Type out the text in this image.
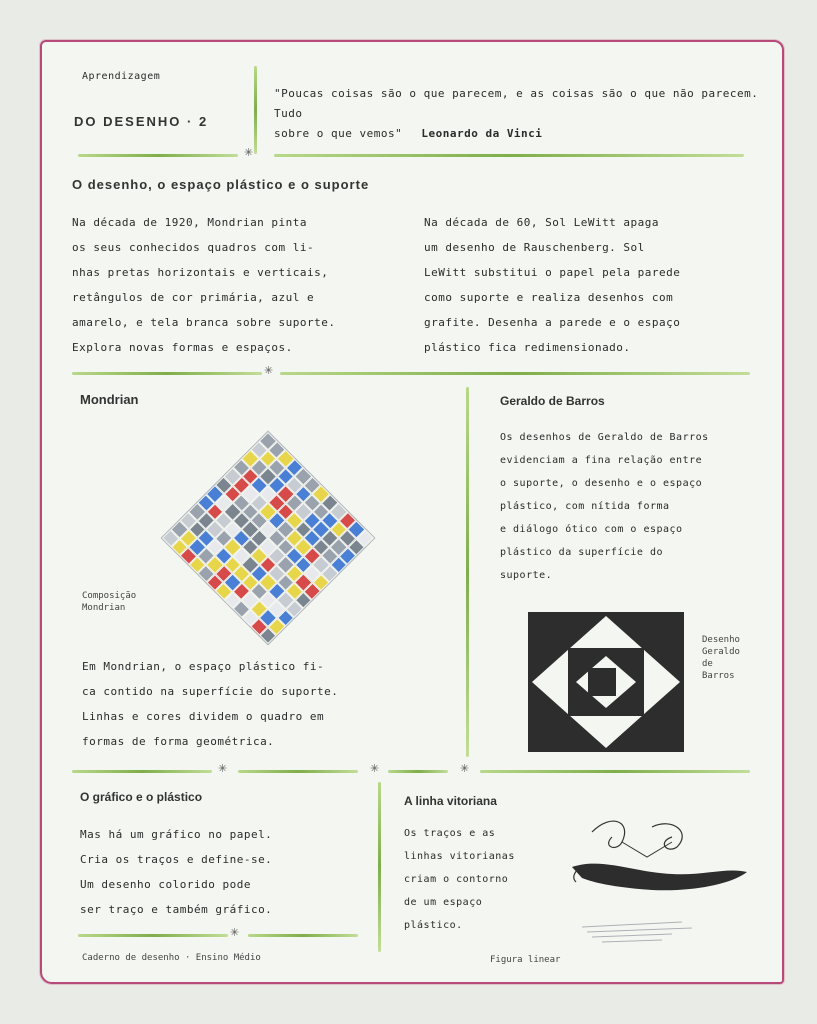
Aprendizagem
DO DESENHO · 2
"Poucas coisas são o que parecem, e as coisas são o que não parecem. Tudo
sobre o que vemos" Leonardo da Vinci
✳
O desenho, o espaço plástico e o suporte
Na década de 1920, Mondrian pinta
os seus conhecidos quadros com li-
nhas pretas horizontais e verticais,
retângulos de cor primária, azul e
amarelo, e tela branca sobre suporte.
Explora novas formas e espaços.
Na década de 60, Sol LeWitt apaga
um desenho de Rauschenberg. Sol
LeWitt substitui o papel pela parede
como suporte e realiza desenhos com
grafite. Desenha a parede e o espaço
plástico fica redimensionado.
✳
Mondrian
Composição
Mondrian
Em Mondrian, o espaço plástico fi-
ca contido na superfície do suporte.
Linhas e cores dividem o quadro em
formas de forma geométrica.
Geraldo de Barros
Os desenhos de Geraldo de Barros
evidenciam a fina relação entre
o suporte, o desenho e o espaço
plástico, com nítida forma
e diálogo ótico com o espaço
plástico da superfície do
suporte.
Desenho
Geraldo
de
Barros
✳	✳	✳
O gráfico e o plástico
Mas há um gráfico no papel.
Cria os traços e define-se.
Um desenho colorido pode
ser traço e também gráfico.
✳
Caderno de desenho · Ensino Médio
A linha vitoriana
Os traços e as
linhas vitorianas
criam o contorno
de um espaço
plástico.
Figura linear
